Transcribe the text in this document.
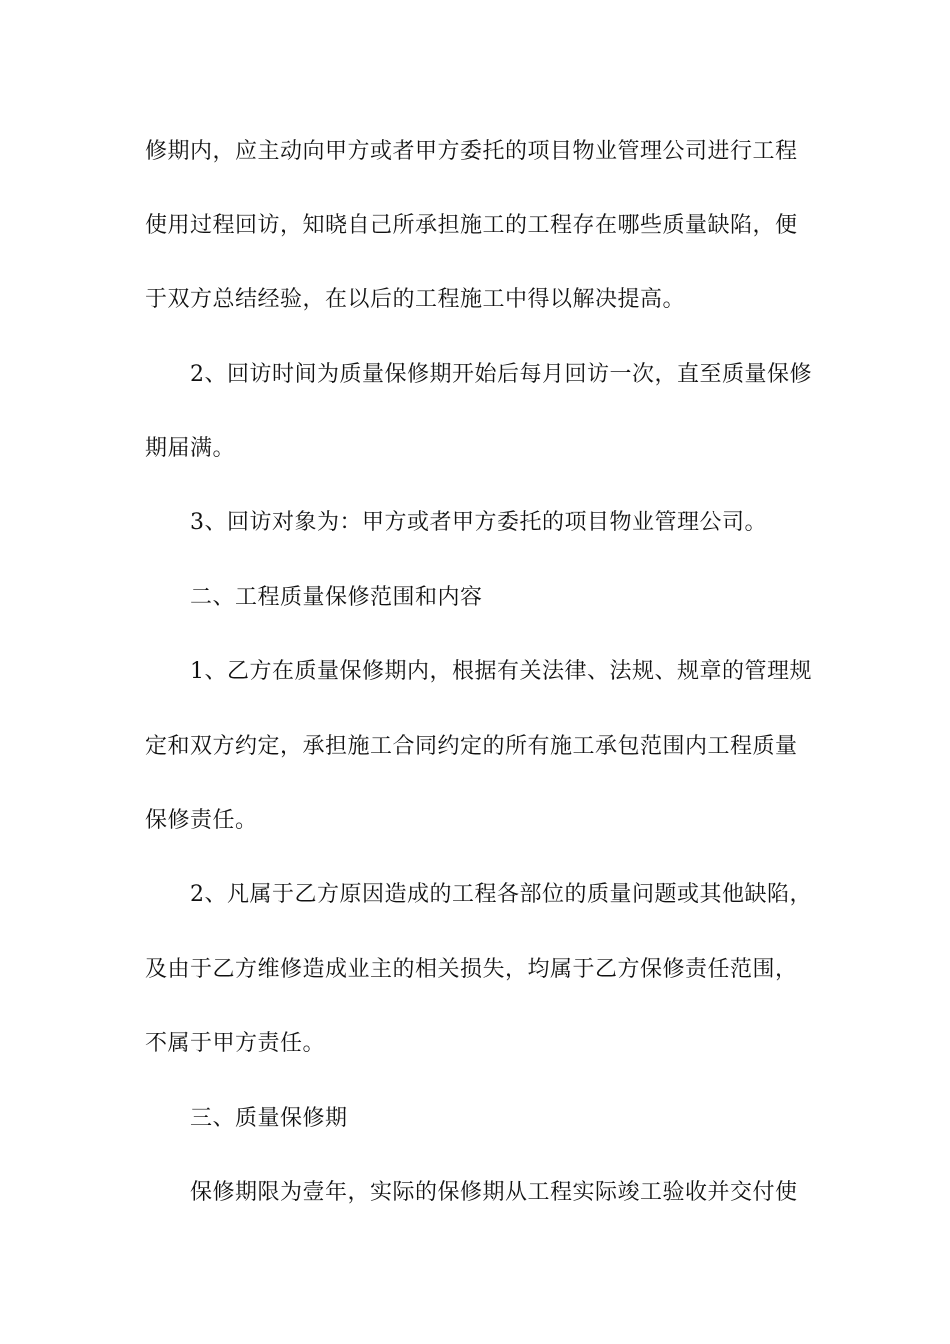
修期内，应主动向甲方或者甲方委托的项目物业管理公司进行工程
使用过程回访，知晓自己所承担施工的工程存在哪些质量缺陷，便
于双方总结经验，在以后的工程施工中得以解决提高。
2、回访时间为质量保修期开始后每月回访一次，直至质量保修
期届满。
3、回访对象为：甲方或者甲方委托的项目物业管理公司。
二、工程质量保修范围和内容
1、乙方在质量保修期内，根据有关法律、法规、规章的管理规
定和双方约定，承担施工合同约定的所有施工承包范围内工程质量
保修责任。
2、凡属于乙方原因造成的工程各部位的质量问题或其他缺陷，
及由于乙方维修造成业主的相关损失，均属于乙方保修责任范围，
不属于甲方责任。
三、质量保修期
保修期限为壹年，实际的保修期从工程实际竣工验收并交付使
